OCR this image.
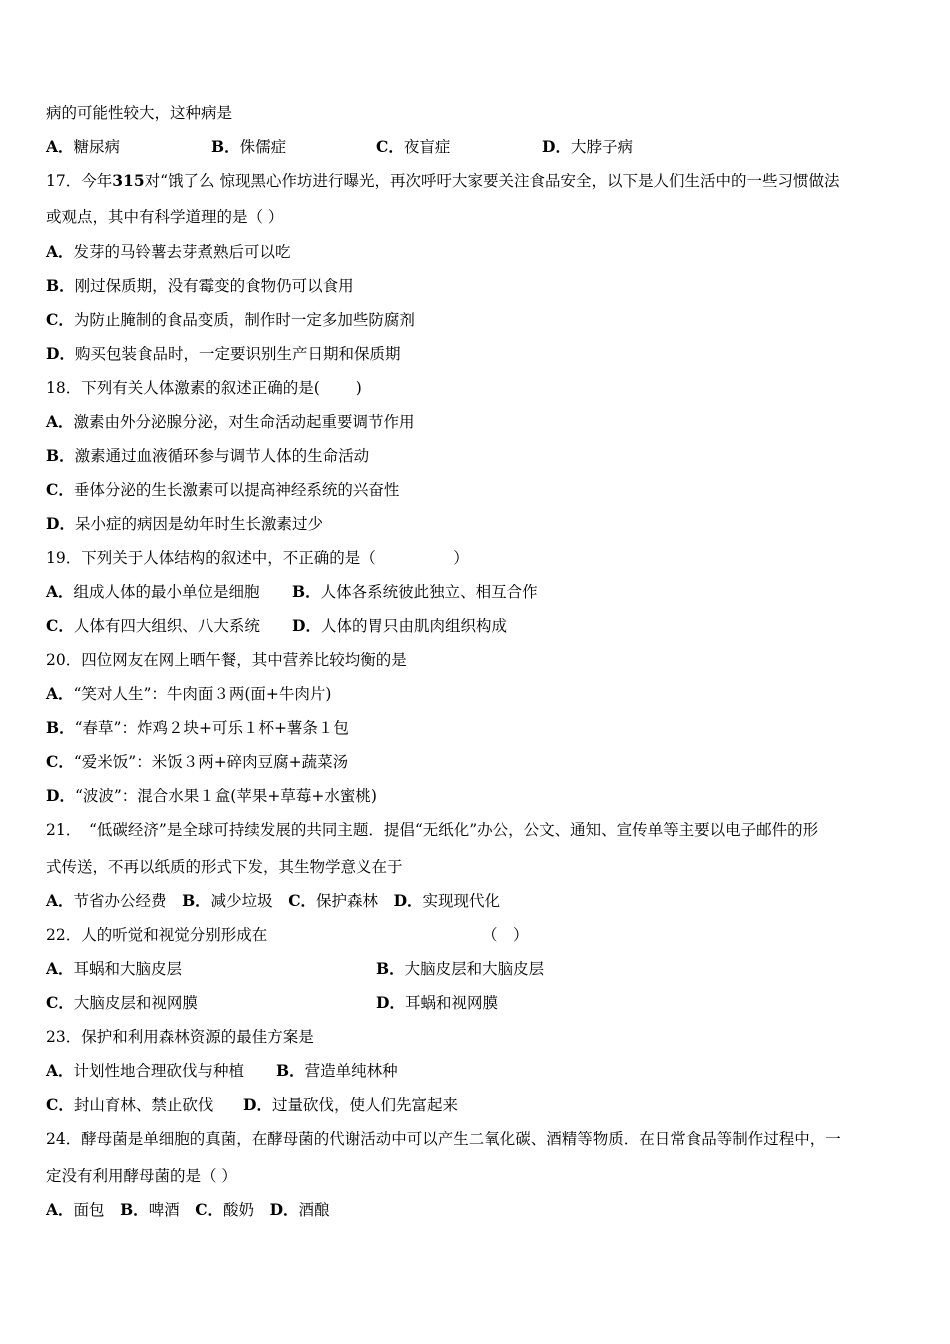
病的可能性较大，这种病是
A．糖尿病	B．侏儒症	C．夜盲症	D．大脖子病
17．今年315对“饿了么 惊现黑心作坊进行曝光，再次呼吁大家要关注食品安全，以下是人们生活中的一些习惯做法
或观点，其中有科学道理的是（ ）
A．发芽的马铃薯去芽煮熟后可以吃
B．刚过保质期，没有霉变的食物仍可以食用
C．为防止腌制的食品变质，制作时一定多加些防腐剂
D．购买包装食品时，一定要识别生产日期和保质期
18．下列有关人体激素的叙述正确的是(　　 )
A．激素由外分泌腺分泌，对生命活动起重要调节作用
B．激素通过血液循环参与调节人体的生命活动
C．垂体分泌的生长激素可以提高神经系统的兴奋性
D．呆小症的病因是幼年时生长激素过少
19．下列关于人体结构的叙述中，不正确的是（　　　　　）
A．组成人体的最小单位是细胞 B．人体各系统彼此独立、相互合作
C．人体有四大组织、八大系统 D．人体的胃只由肌肉组织构成
20．四位网友在网上晒午餐，其中营养比较均衡的是
A．“笑对人生”：牛肉面３两(面+牛肉片)
B．“春草”：炸鸡２块+可乐１杯+薯条１包
C．“爱米饭”：米饭３两+碎肉豆腐+蔬菜汤
D．“波波”：混合水果１盒(苹果+草莓+水蜜桃)
21．　“低碳经济”是全球可持续发展的共同主题．提倡“无纸化”办公，公文、通知、宣传单等主要以电子邮件的形
式传送，不再以纸质的形式下发，其生物学意义在于
A．节省办公经费　 B．减少垃圾　 C．保护森林　 D．实现现代化
22．人的听觉和视觉分别形成在	（　）
A．耳蜗和大脑皮层	B．大脑皮层和大脑皮层
C．大脑皮层和视网膜	D．耳蜗和视网膜
23．保护和利用森林资源的最佳方案是
A．计划性地合理砍伐与种植 B．营造单纯林种
C．封山育林、禁止砍伐 D．过量砍伐，使人们先富起来
24．酵母菌是单细胞的真菌，在酵母菌的代谢活动中可以产生二氧化碳、酒精等物质．在日常食品等制作过程中，一
定没有利用酵母菌的是（ ）
A．面包　 B．啤酒　 C．酸奶　 D．酒酿
